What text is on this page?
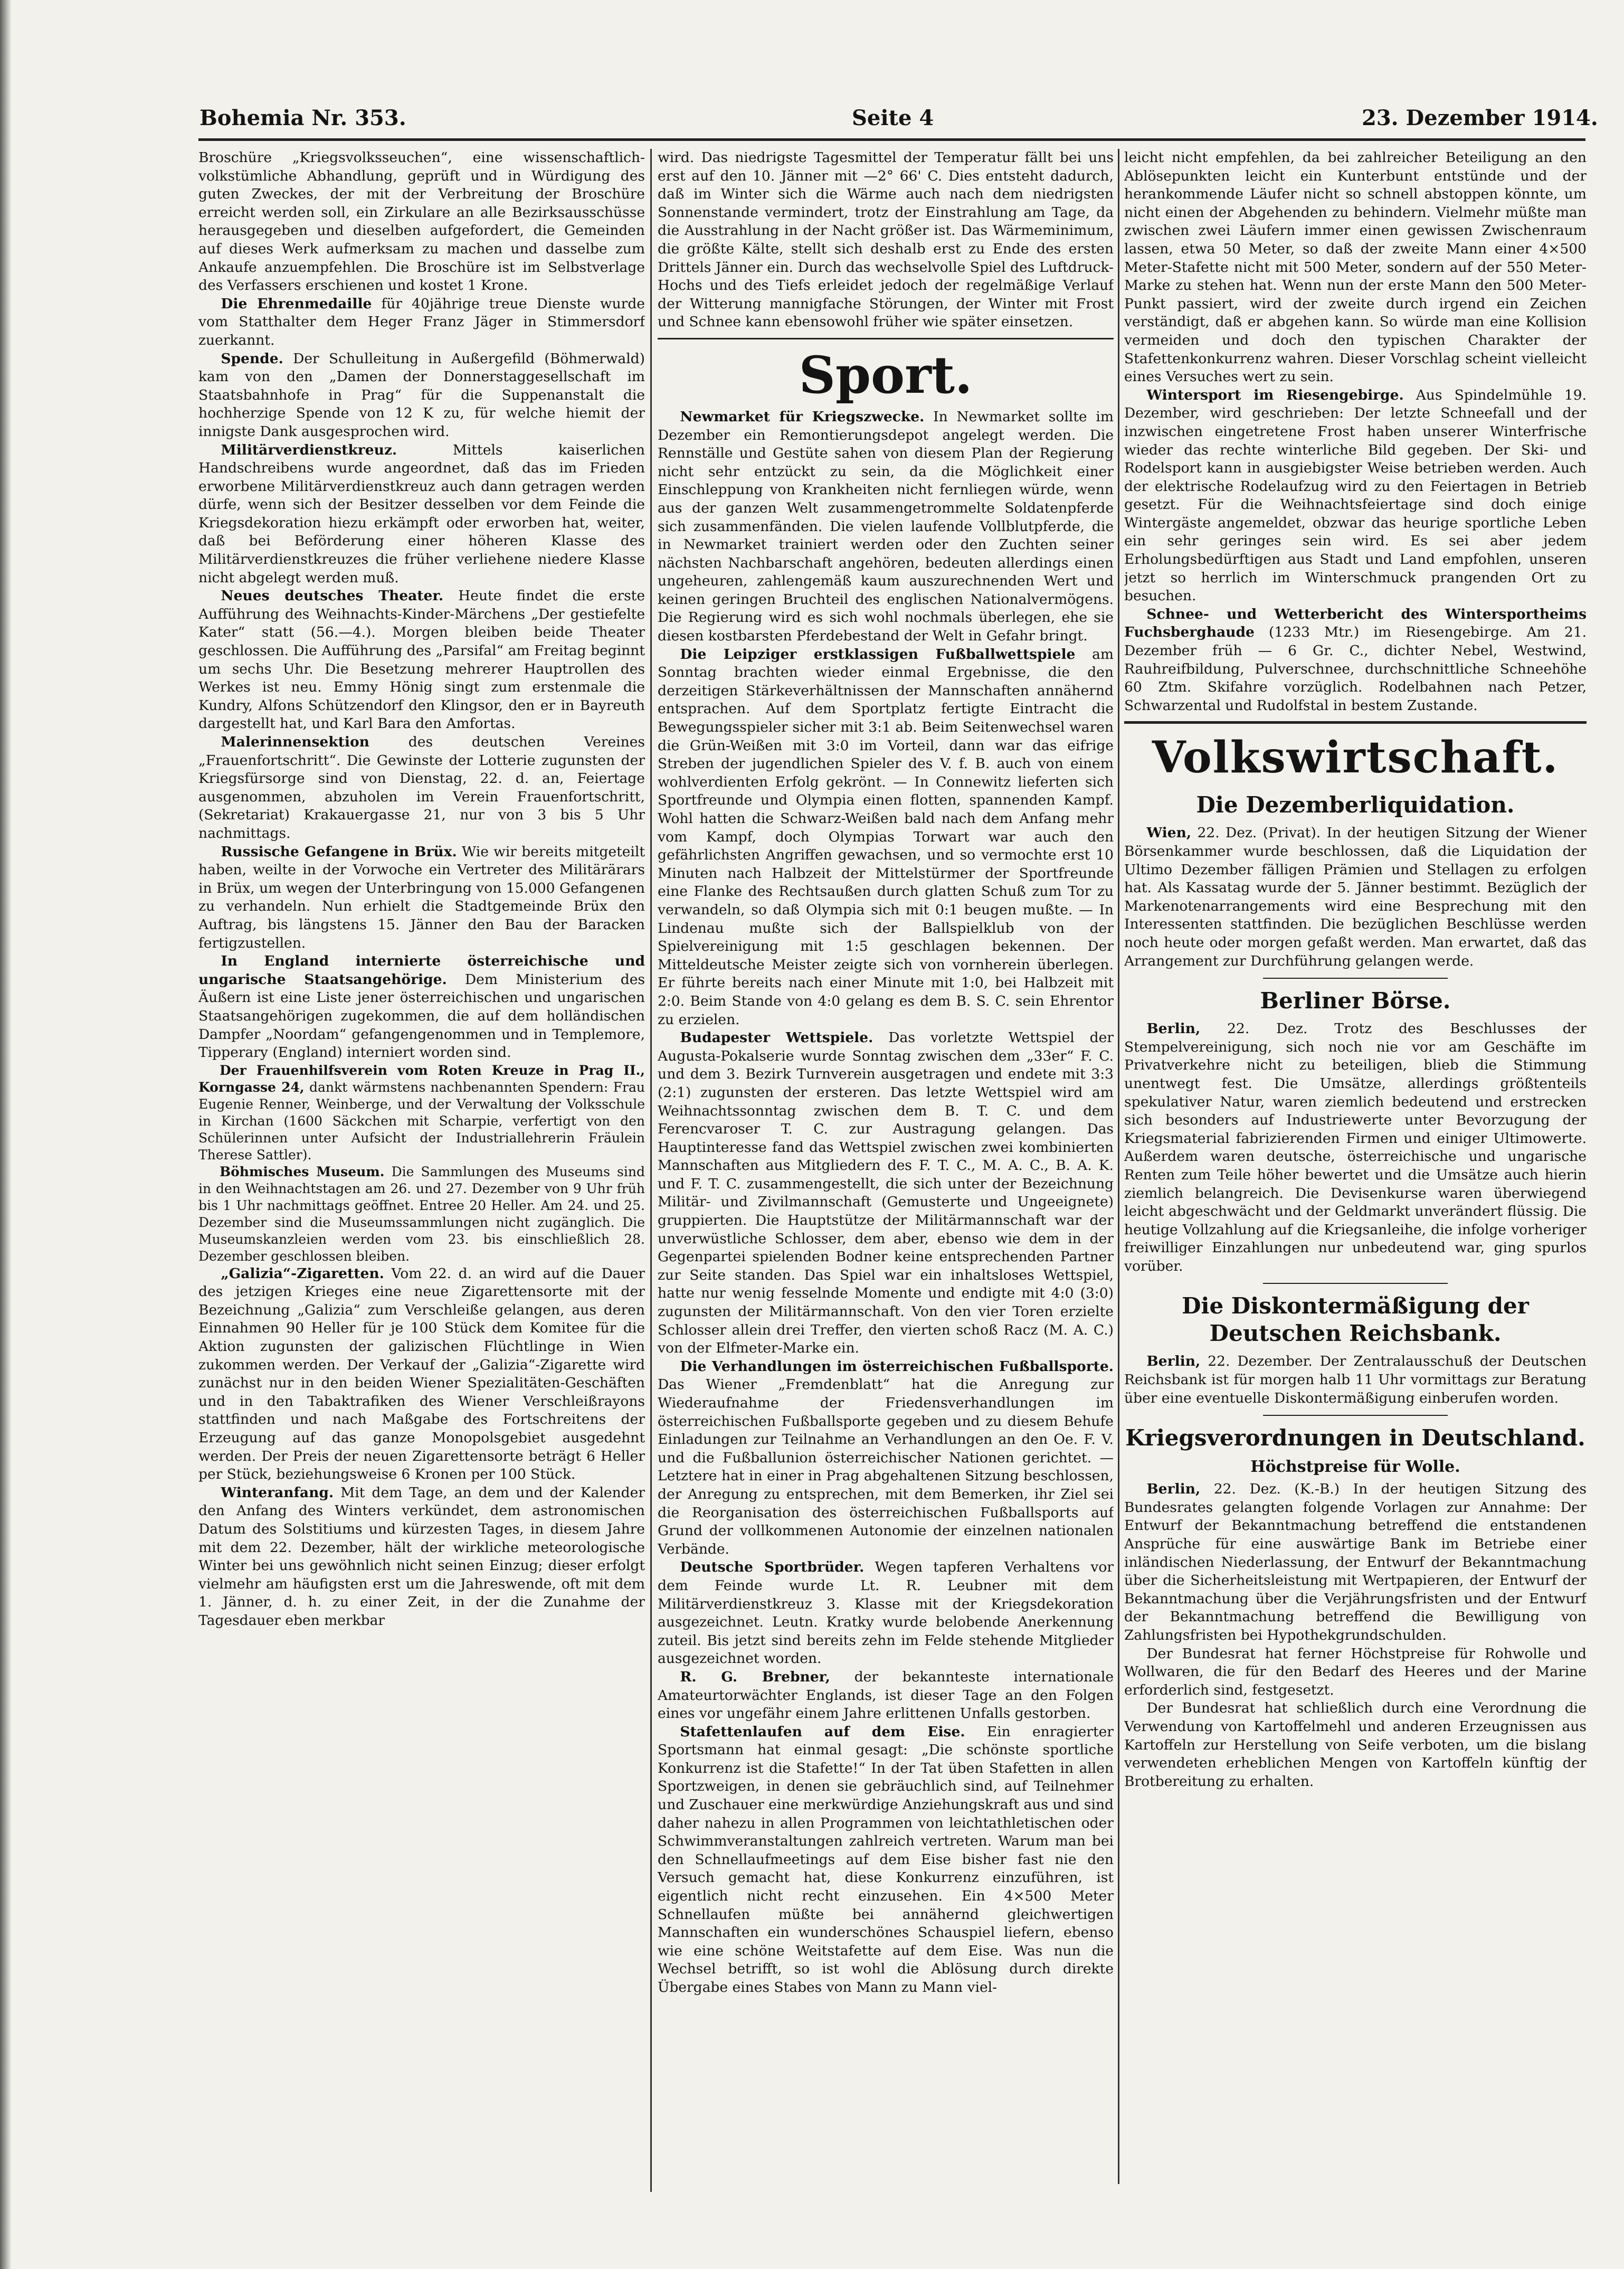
Bohemia Nr. 353.	Seite 4	23. Dezember 1914.

Broschüre „Kriegsvolksseuchen“, eine wissenschaftlich-volkstümliche Abhandlung, geprüft und in Würdigung des guten Zweckes, der mit der Verbreitung der Broschüre erreicht werden soll, ein Zirkulare an alle Bezirksausschüsse herausgegeben und dieselben aufgefordert, die Gemeinden auf dieses Werk aufmerksam zu machen und dasselbe zum Ankaufe anzuempfehlen. Die Broschüre ist im Selbstverlage des Verfassers erschienen und kostet 1 Krone.

Die Ehrenmedaille für 40jährige treue Dienste wurde vom Statthalter dem Heger Franz Jäger in Stimmersdorf zuerkannt.

Spende. Der Schulleitung in Außergefild (Böhmerwald) kam von den „Damen der Donnerstaggesellschaft im Staatsbahnhofe in Prag“ für die Suppenanstalt die hochherzige Spende von 12 K zu, für welche hiemit der innigste Dank ausgesprochen wird.

Militärverdienstkreuz.	Mittels kaiserlichen Handschreibens wurde angeordnet, daß das im Frieden erworbene Militärverdienstkreuz auch dann getragen werden dürfe, wenn sich der Besitzer desselben vor dem Feinde die Kriegsdekoration hiezu erkämpft oder erworben hat, weiter, daß bei Beförderung einer höheren Klasse des Militärverdienstkreuzes die früher verliehene niedere Klasse nicht abgelegt werden muß.

Neues deutsches Theater. Heute findet die erste Aufführung des Weihnachts-Kinder-Märchens „Der gestiefelte Kater“ statt (56.—4.). Morgen bleiben beide Theater geschlossen. Die Aufführung des „Parsifal“ am Freitag beginnt um sechs Uhr. Die Besetzung mehrerer Hauptrollen des Werkes ist neu. Emmy Hönig singt zum erstenmale die Kundry, Alfons Schützendorf den Klingsor, den er in Bayreuth dargestellt hat, und Karl Bara den Amfortas.

Malerinnensektion	des deutschen Vereines „Frauenfortschritt“. Die Gewinste der Lotterie zugunsten der Kriegsfürsorge sind von Dienstag, 22. d. an, Feiertage ausgenommen, abzuholen im Verein Frauenfortschritt, (Sekretariat) Krakauergasse 21, nur von 3 bis 5 Uhr nachmittags.

Russische Gefangene in Brüx. Wie wir bereits mitgeteilt haben, weilte in der Vorwoche ein Vertreter des Militärärars in Brüx, um wegen der Unterbringung von 15.000 Gefangenen zu verhandeln. Nun erhielt die Stadtgemeinde Brüx den Auftrag, bis längstens 15. Jänner den Bau der Baracken fertigzustellen.

In England internierte österreichische und ungarische Staatsangehörige. Dem Ministerium des Äußern ist eine Liste jener österreichischen und ungarischen Staatsangehörigen zugekommen, die auf dem holländischen Dampfer „Noordam“ gefangengenommen und in Templemore, Tipperary (England) interniert worden sind.

Der Frauenhilfsverein vom Roten Kreuze in Prag II., Korngasse 24, dankt wärmstens nachbenannten Spendern: Frau Eugenie Renner, Weinberge, und der Verwaltung der Volksschule in Kirchan (1600 Säckchen mit Scharpie, verfertigt von den Schülerinnen unter Aufsicht der Industriallehrerin Fräulein Therese Sattler).

Böhmisches Museum. Die Sammlungen des Museums sind in den Weihnachtstagen am 26. und 27. Dezember von 9 Uhr früh bis 1 Uhr nachmittags geöffnet. Entree 20 Heller. Am 24. und 25. Dezember sind die Museumssammlungen nicht zugänglich. Die Museumskanzleien werden vom 23. bis einschließlich 28. Dezember geschlossen bleiben.

„Galizia“-Zigaretten. Vom 22. d. an wird auf die Dauer des jetzigen Krieges eine neue Zigarettensorte mit der Bezeichnung „Galizia“ zum Verschleiße gelangen, aus deren Einnahmen 90 Heller für je 100 Stück dem Komitee für die Aktion zugunsten der galizischen Flüchtlinge in Wien zukommen werden. Der Verkauf der „Galizia“-Zigarette wird zunächst nur in den beiden Wiener Spezialitäten-Geschäften und in den Tabaktrafiken des Wiener Verschleißrayons stattfinden und nach Maßgabe des Fortschreitens der Erzeugung auf das ganze Monopolsgebiet ausgedehnt werden. Der Preis der neuen Zigarettensorte beträgt 6 Heller per Stück, beziehungsweise 6 Kronen per 100 Stück.

Winteranfang. Mit dem Tage, an dem und der Kalender den Anfang des Winters verkündet, dem astronomischen Datum des Solstitiums und kürzesten Tages, in diesem Jahre mit dem 22. Dezember, hält der wirkliche meteorologische Winter bei uns gewöhnlich nicht seinen Einzug; dieser erfolgt vielmehr am häufigsten erst um die Jahreswende, oft mit dem 1. Jänner, d. h. zu einer Zeit, in der die Zunahme der Tagesdauer eben merkbar

wird. Das niedrigste Tagesmittel der Temperatur fällt bei uns erst auf den 10. Jänner mit —2° 66' C. Dies entsteht dadurch, daß im Winter sich die Wärme auch nach dem niedrigsten Sonnenstande vermindert, trotz der Einstrahlung am Tage, da die Ausstrahlung in der Nacht größer ist. Das Wärmeminimum, die größte Kälte, stellt sich deshalb erst zu Ende des ersten Drittels Jänner ein. Durch das wechselvolle Spiel des Luftdruck-Hochs und des Tiefs erleidet jedoch der regelmäßige Verlauf der Witterung mannigfache Störungen, der Winter mit Frost und Schnee kann ebensowohl früher wie später einsetzen.

Sport.

Newmarket für Kriegszwecke. In Newmarket sollte im Dezember ein Remontierungsdepot angelegt werden. Die Rennställe und Gestüte sahen von diesem Plan der Regierung nicht sehr entzückt zu sein, da die Möglichkeit einer Einschleppung von Krankheiten nicht fernliegen würde, wenn aus der ganzen Welt zusammengetrommelte Soldatenpferde sich zusammenfänden. Die vielen laufende Vollblutpferde, die in Newmarket trainiert werden oder den Zuchten seiner nächsten Nachbarschaft angehören, bedeuten allerdings einen ungeheuren, zahlengemäß kaum auszurechnenden Wert und keinen geringen Bruchteil des englischen Nationalvermögens. Die Regierung wird es sich wohl nochmals überlegen, ehe sie diesen kostbarsten Pferdebestand der Welt in Gefahr bringt.

Die Leipziger erstklassigen Fußballwettspiele am Sonntag brachten wieder einmal Ergebnisse, die den derzeitigen Stärkeverhältnissen der Mannschaften annähernd entsprachen. Auf dem Sportplatz fertigte Eintracht die Bewegungsspieler sicher mit 3:1 ab. Beim Seitenwechsel waren die Grün-Weißen mit 3:0 im Vorteil, dann war das eifrige Streben der jugendlichen Spieler des V. f. B. auch von einem wohlverdienten Erfolg gekrönt. — In Connewitz lieferten sich Sportfreunde und Olympia einen flotten, spannenden Kampf. Wohl hatten die Schwarz-Weißen bald nach dem Anfang mehr vom Kampf, doch Olympias Torwart war auch den gefährlichsten Angriffen gewachsen, und so vermochte erst 10 Minuten nach Halbzeit der Mittelstürmer der Sportfreunde eine Flanke des Rechtsaußen durch glatten Schuß zum Tor zu verwandeln, so daß Olympia sich mit 0:1 beugen mußte. — In Lindenau mußte sich der Ballspielklub von der Spielvereinigung mit 1:5 geschlagen bekennen. Der Mitteldeutsche Meister zeigte sich von vornherein überlegen. Er führte bereits nach einer Minute mit 1:0, bei Halbzeit mit 2:0. Beim Stande von 4:0 gelang es dem B. S. C. sein Ehrentor zu erzielen.

Budapester Wettspiele. Das vorletzte Wettspiel der Augusta-Pokalserie wurde Sonntag zwischen dem „33er“ F. C. und dem 3. Bezirk Turnverein ausgetragen und endete mit 3:3 (2:1) zugunsten der ersteren. Das letzte Wettspiel wird am Weihnachtssonntag zwischen dem B. T. C. und dem Ferencvaroser T. C. zur Austragung gelangen. Das Hauptinteresse fand das Wettspiel zwischen zwei kombinierten Mannschaften aus Mitgliedern des F. T. C., M. A. C., B. A. K. und F. T. C. zusammengestellt, die sich unter der Bezeichnung Militär- und Zivilmannschaft (Gemusterte und Ungeeignete) gruppierten. Die Hauptstütze der Militärmannschaft war der unverwüstliche Schlosser, dem aber, ebenso wie dem in der Gegenpartei spielenden Bodner keine entsprechenden Partner zur Seite standen. Das Spiel war ein inhaltsloses Wettspiel, hatte nur wenig fesselnde Momente und endigte mit 4:0 (3:0) zugunsten der Militärmannschaft. Von den vier Toren erzielte Schlosser allein drei Treffer, den vierten schoß Racz (M. A. C.) von der Elfmeter-Marke ein.

Die Verhandlungen im österreichischen Fußballsporte. Das Wiener „Fremdenblatt“ hat die Anregung zur Wiederaufnahme der Friedensverhandlungen im österreichischen Fußballsporte gegeben und zu diesem Behufe Einladungen zur Teilnahme an Verhandlungen an den Oe. F. V. und die Fußballunion österreichischer Nationen gerichtet. — Letztere hat in einer in Prag abgehaltenen Sitzung beschlossen, der Anregung zu entsprechen, mit dem Bemerken, ihr Ziel sei die Reorganisation des österreichischen Fußballsports auf Grund der vollkommenen Autonomie der einzelnen nationalen Verbände.

Deutsche Sportbrüder. Wegen tapferen Verhaltens vor dem Feinde wurde Lt. R. Leubner mit dem Militärverdienstkreuz 3. Klasse mit der Kriegsdekoration ausgezeichnet. Leutn. Kratky wurde belobende Anerkennung zuteil. Bis jetzt sind bereits zehn im Felde stehende Mitglieder ausgezeichnet worden.

R. G. Brebner, der bekannteste internationale Amateurtorwächter Englands, ist dieser Tage an den Folgen eines vor ungefähr einem Jahre erlittenen Unfalls gestorben.

Stafettenlaufen auf dem Eise. Ein enragierter Sportsmann hat einmal gesagt: „Die schönste sportliche Konkurrenz ist die Stafette!“ In der Tat üben Stafetten in allen Sportzweigen, in denen sie gebräuchlich sind, auf Teilnehmer und Zuschauer eine merkwürdige Anziehungskraft aus und sind daher nahezu in allen Programmen von leichtathletischen oder Schwimmveranstaltungen zahlreich vertreten. Warum man bei den Schnellaufmeetings auf dem Eise bisher fast nie den Versuch gemacht hat, diese Konkurrenz einzuführen, ist eigentlich nicht recht einzusehen. Ein 4×500 Meter Schnellaufen müßte bei annähernd gleichwertigen Mannschaften ein wunderschönes Schauspiel liefern, ebenso wie eine schöne Weitstafette auf dem Eise. Was nun die Wechsel betrifft, so ist wohl die Ablösung durch direkte Übergabe eines Stabes von Mann zu Mann viel-

leicht nicht empfehlen, da bei zahlreicher Beteiligung an den Ablösepunkten leicht ein Kunterbunt entstünde und der herankommende Läufer nicht so schnell abstoppen könnte, um nicht einen der Abgehenden zu behindern. Vielmehr müßte man zwischen zwei Läufern immer einen gewissen Zwischenraum lassen, etwa 50 Meter, so daß der zweite Mann einer 4×500 Meter-Stafette nicht mit 500 Meter, sondern auf der 550 Meter-Marke zu stehen hat. Wenn nun der erste Mann den 500 Meter-Punkt passiert, wird der zweite durch irgend ein Zeichen verständigt, daß er abgehen kann. So würde man eine Kollision vermeiden und doch den typischen Charakter der Stafettenkonkurrenz wahren. Dieser Vorschlag scheint vielleicht eines Versuches wert zu sein.

Wintersport im Riesengebirge. Aus Spindelmühle 19. Dezember, wird geschrieben: Der letzte Schneefall und der inzwischen eingetretene Frost haben unserer Winterfrische wieder das rechte winterliche Bild gegeben. Der Ski- und Rodelsport kann in ausgiebigster Weise betrieben werden. Auch der elektrische Rodelaufzug wird zu den Feiertagen in Betrieb gesetzt. Für die Weihnachtsfeiertage sind doch einige Wintergäste angemeldet, obzwar das heurige sportliche Leben ein sehr geringes sein wird. Es sei aber jedem Erholungsbedürftigen aus Stadt und Land empfohlen, unseren jetzt so herrlich im Winterschmuck prangenden Ort zu besuchen.

Schnee- und Wetterbericht des Wintersportheims Fuchsberghaude (1233 Mtr.) im Riesengebirge. Am 21. Dezember früh — 6 Gr. C., dichter Nebel, Westwind, Rauhreifbildung, Pulverschnee, durchschnittliche Schneehöhe 60 Ztm. Skifahre vorzüglich. Rodelbahnen nach Petzer, Schwarzental und Rudolfstal in bestem Zustande.

Volkswirtschaft.
Die Dezemberliquidation.

Wien, 22. Dez. (Privat). In der heutigen Sitzung der Wiener Börsenkammer wurde beschlossen, daß die Liquidation der Ultimo Dezember fälligen Prämien und Stellagen zu erfolgen hat. Als Kassatag wurde der 5. Jänner bestimmt. Bezüglich der Markenotenarrangements wird eine Besprechung mit den Interessenten stattfinden. Die bezüglichen Beschlüsse werden noch heute oder morgen gefaßt werden. Man erwartet, daß das Arrangement zur Durchführung gelangen werde.

Berliner Börse.

Berlin, 22. Dez. Trotz des Beschlusses der Stempelvereinigung, sich noch nie vor am Geschäfte im Privatverkehre nicht zu beteiligen, blieb die Stimmung unentwegt fest. Die Umsätze, allerdings größtenteils spekulativer Natur, waren ziemlich bedeutend und erstrecken sich besonders auf Industriewerte unter Bevorzugung der Kriegsmaterial fabrizierenden Firmen und einiger Ultimowerte. Außerdem waren deutsche, österreichische und ungarische Renten zum Teile höher bewertet und die Umsätze auch hierin ziemlich belangreich. Die Devisenkurse waren überwiegend leicht abgeschwächt und der Geldmarkt unverändert flüssig. Die heutige Vollzahlung auf die Kriegsanleihe, die infolge vorheriger freiwilliger Einzahlungen nur unbedeutend war, ging spurlos vorüber.

Die Diskontermäßigung der Deutschen Reichsbank.

Berlin, 22. Dezember. Der Zentralausschuß der Deutschen Reichsbank ist für morgen halb 11 Uhr vormittags zur Beratung über eine eventuelle Diskontermäßigung einberufen worden.

Kriegsverordnungen in Deutschland.
Höchstpreise für Wolle.

Berlin, 22. Dez. (K.-B.) In der heutigen Sitzung des Bundesrates gelangten folgende Vorlagen zur Annahme: Der Entwurf der Bekanntmachung betreffend die entstandenen Ansprüche für eine auswärtige Bank im Betriebe einer inländischen Niederlassung, der Entwurf der Bekanntmachung über die Sicherheitsleistung mit Wertpapieren, der Entwurf der Bekanntmachung über die Verjährungsfristen und der Entwurf der Bekanntmachung betreffend die Bewilligung von Zahlungsfristen bei Hypothekgrundschulden.

Der Bundesrat hat ferner Höchstpreise für Rohwolle und Wollwaren, die für den Bedarf des Heeres und der Marine erforderlich sind, festgesetzt.

Der Bundesrat hat schließlich durch eine Verordnung die Verwendung von Kartoffelmehl und anderen Erzeugnissen aus Kartoffeln zur Herstellung von Seife verboten, um die bislang verwendeten erheblichen Mengen von Kartoffeln künftig der Brotbereitung zu erhalten.
